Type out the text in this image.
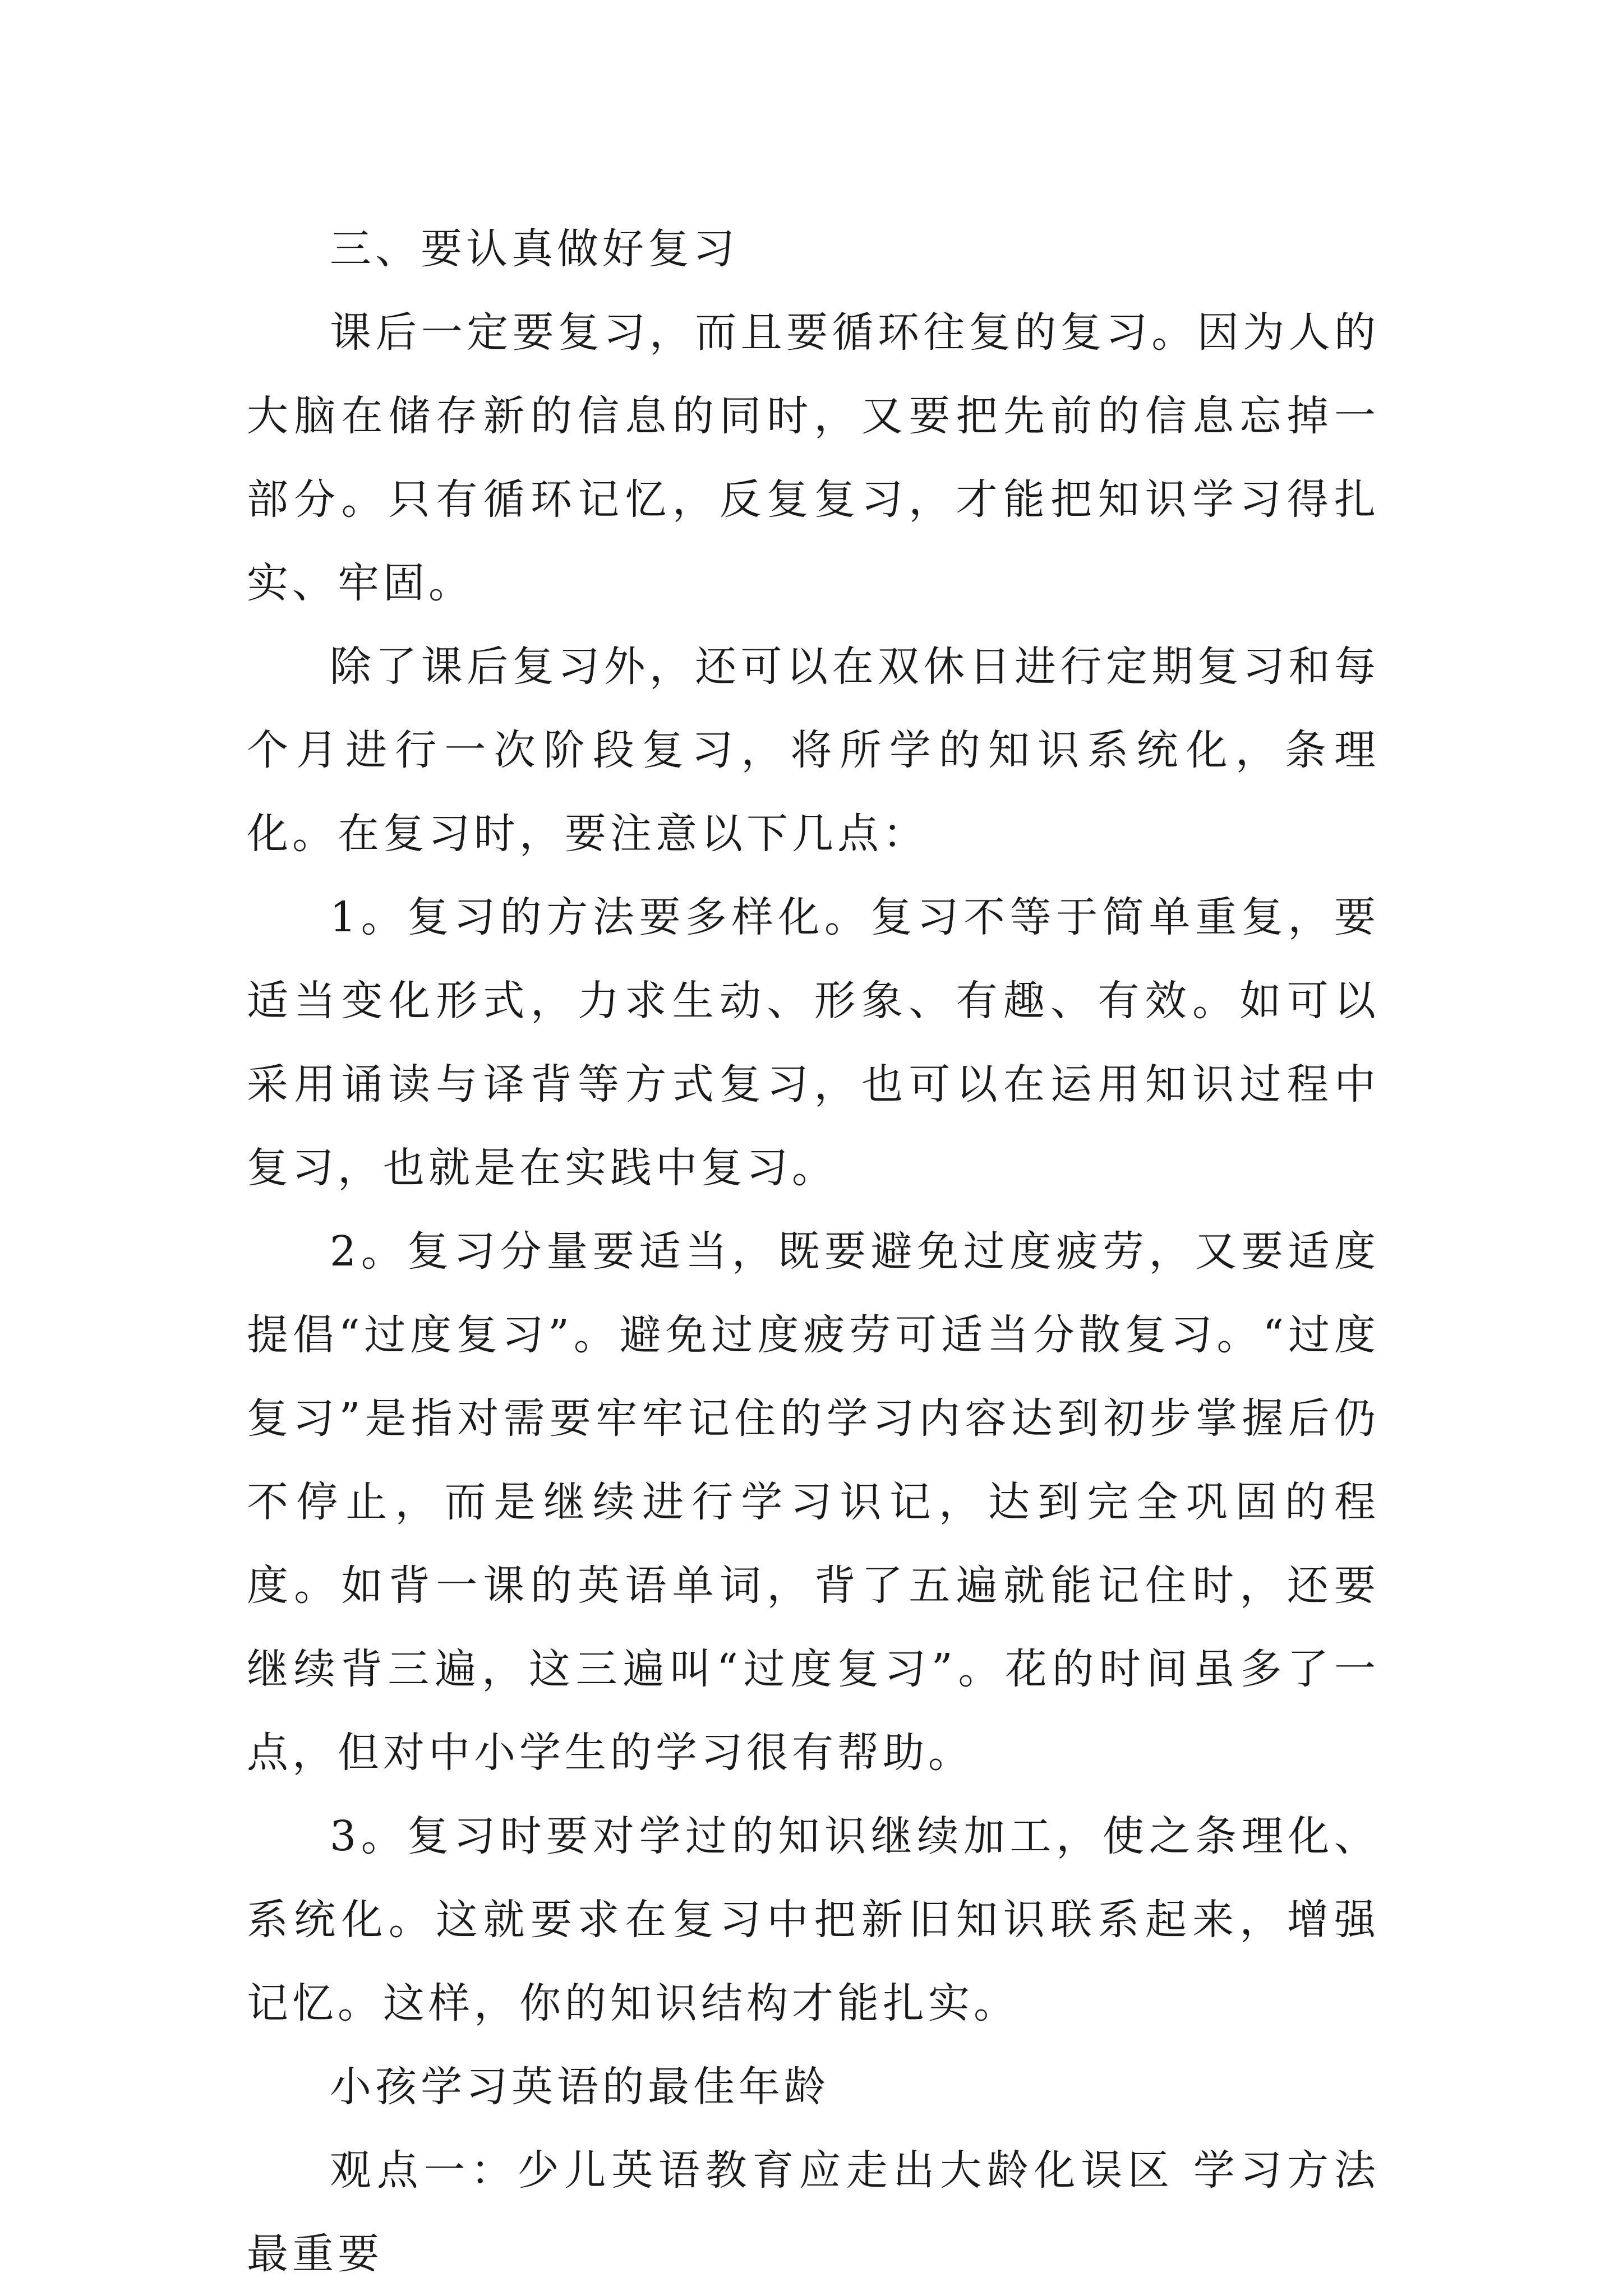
三、要认真做好复习

课后一定要复习，而且要循环往复的复习。因为人的大脑在储存新的信息的同时，又要把先前的信息忘掉一部分。只有循环记忆，反复复习，才能把知识学习得扎实、牢固。

除了课后复习外，还可以在双休日进行定期复习和每个月进行一次阶段复习，将所学的知识系统化，条理化。在复习时，要注意以下几点：

1。复习的方法要多样化。复习不等于简单重复，要适当变化形式，力求生动、形象、有趣、有效。如可以采用诵读与译背等方式复习，也可以在运用知识过程中复习，也就是在实践中复习。

2。复习分量要适当，既要避免过度疲劳，又要适度提倡“过度复习”。避免过度疲劳可适当分散复习。“过度复习”是指对需要牢牢记住的学习内容达到初步掌握后仍不停止，而是继续进行学习识记，达到完全巩固的程度。如背一课的英语单词，背了五遍就能记住时，还要继续背三遍，这三遍叫“过度复习”。花的时间虽多了一点，但对中小学生的学习很有帮助。

3。复习时要对学过的知识继续加工，使之条理化、系统化。这就要求在复习中把新旧知识联系起来，增强记忆。这样，你的知识结构才能扎实。

小孩学习英语的最佳年龄

观点一：少儿英语教育应走出大龄化误区 学习方法最重要
